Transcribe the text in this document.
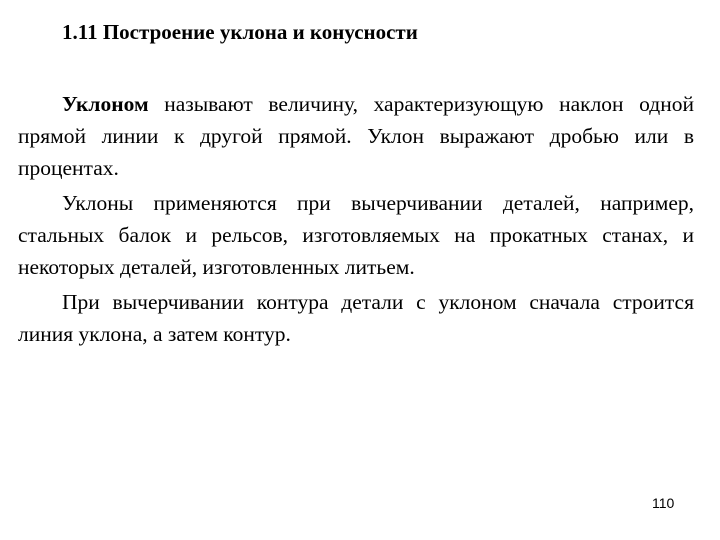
1.11 Построение уклона и конусности

Уклоном называют величину, характеризующую наклон одной прямой линии к другой прямой. Уклон выражают дробью или в процентах.

Уклоны применяются при вычерчивании деталей, например, стальных балок и рельсов, изготовляемых на прокатных станах, и некоторых деталей, изготовленных литьем.

При вычерчивании контура детали с уклоном сначала строится линия уклона, а затем контур.

110
